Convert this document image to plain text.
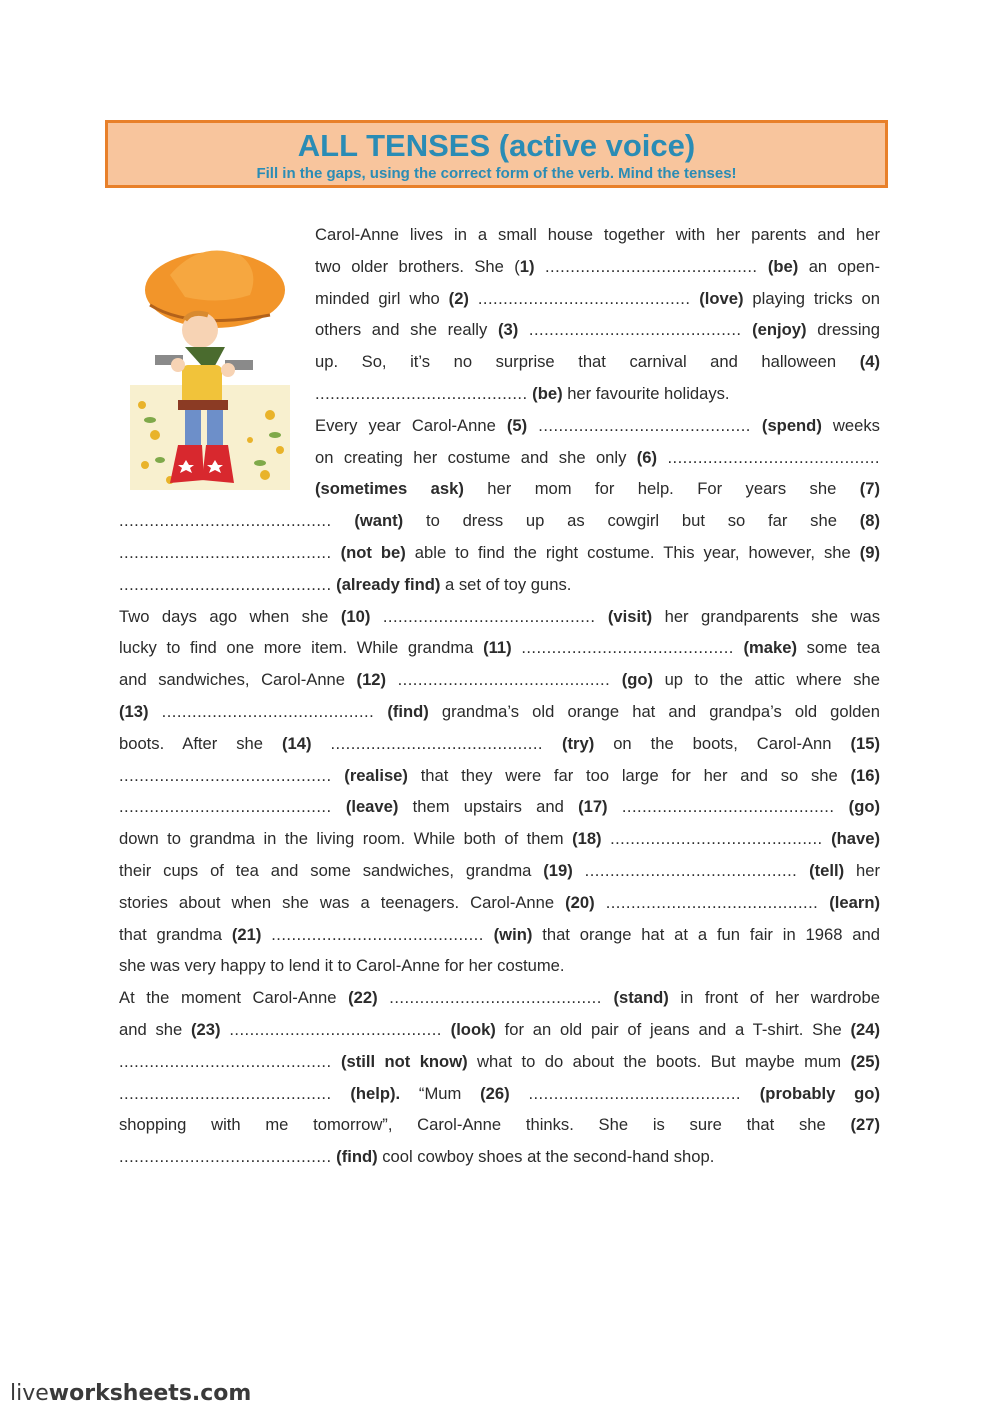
ALL TENSES (active voice)
Fill in the gaps, using the correct form of the verb. Mind the tenses!
Carol-Anne lives in a small house together with her parents and her
two older brothers. She (1) .......................................... (be) an open-
minded girl who (2) .......................................... (love) playing tricks on
others and she really (3) .......................................... (enjoy) dressing
up. So, it’s no surprise that carnival and halloween (4)
.......................................... (be) her favourite holidays.
Every year Carol-Anne (5) .......................................... (spend) weeks
on creating her costume and she only (6) ..........................................
(sometimes ask) her mom for help. For years she (7)
.......................................... (want) to dress up as cowgirl but so far she (8)
.......................................... (not be) able to find the right costume. This year, however, she (9)
.......................................... (already find) a set of toy guns.
Two days ago when she (10) .......................................... (visit) her grandparents she was
lucky to find one more item. While grandma (11) .......................................... (make) some tea
and sandwiches, Carol-Anne (12) .......................................... (go) up to the attic where she
(13) .......................................... (find) grandma’s old orange hat and grandpa’s old golden
boots. After she (14) .......................................... (try) on the boots, Carol-Ann (15)
.......................................... (realise) that they were far too large for her and so she (16)
.......................................... (leave) them upstairs and (17) .......................................... (go)
down to grandma in the living room. While both of them (18) .......................................... (have)
their cups of tea and some sandwiches, grandma (19) .......................................... (tell) her
stories about when she was a teenagers. Carol-Anne (20) .......................................... (learn)
that grandma (21) .......................................... (win) that orange hat at a fun fair in 1968 and
she was very happy to lend it to Carol-Anne for her costume.
At the moment Carol-Anne (22) .......................................... (stand) in front of her wardrobe
and she (23) .......................................... (look) for an old pair of jeans and a T-shirt. She (24)
.......................................... (still not know) what to do about the boots. But maybe mum (25)
.......................................... (help). “Mum (26) .......................................... (probably go)
shopping with me tomorrow”, Carol-Anne thinks. She is sure that she (27)
.......................................... (find) cool cowboy shoes at the second-hand shop.
liveworksheets.com
